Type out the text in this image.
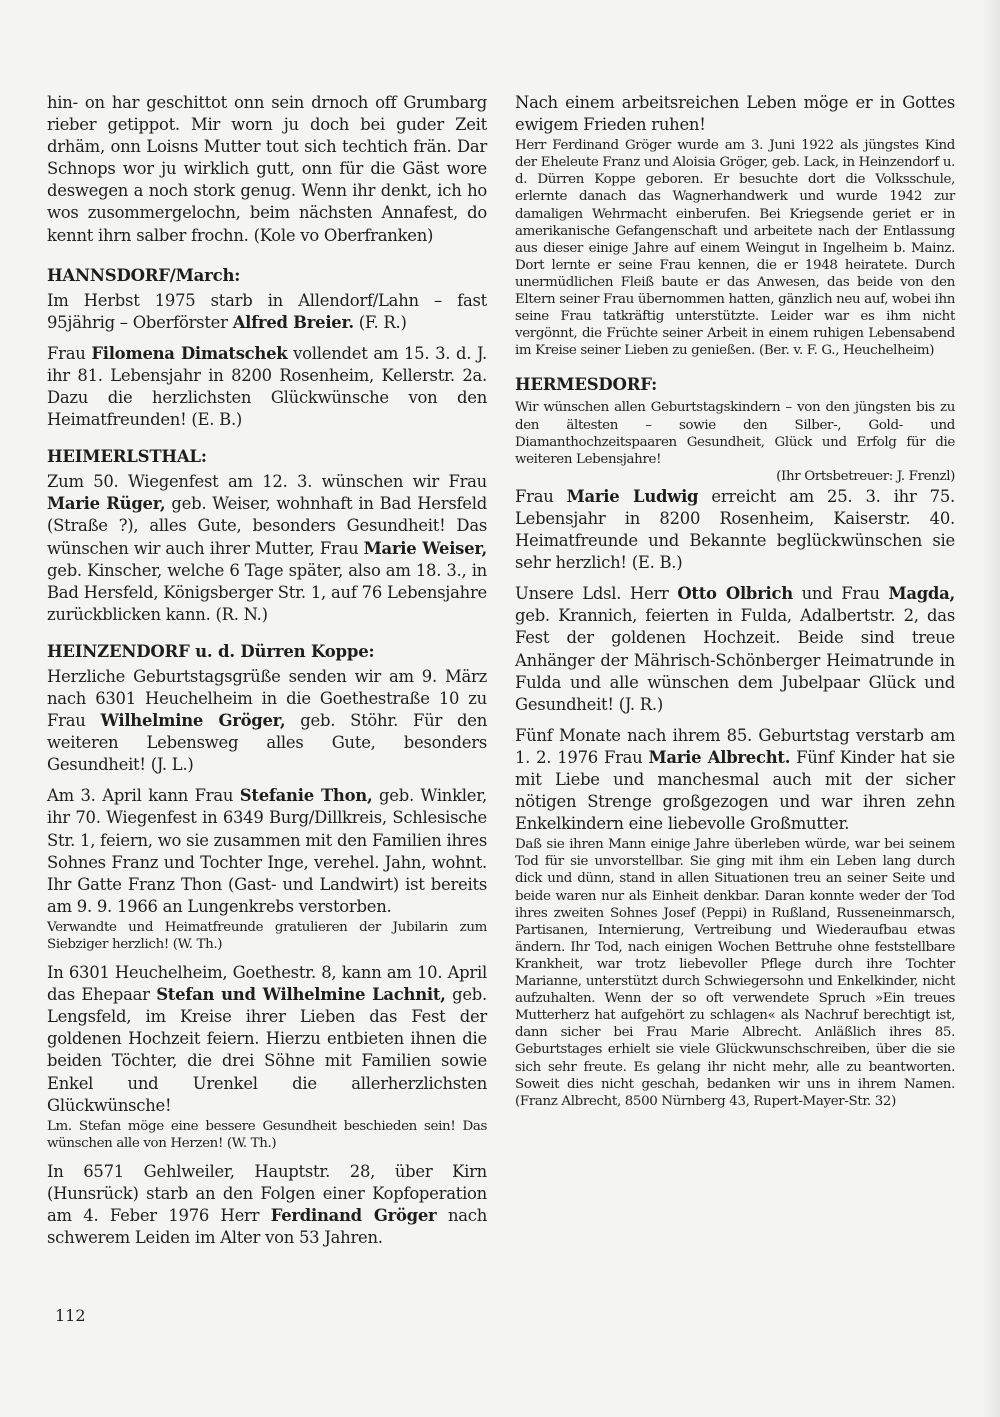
hin- on har geschittot onn sein drnoch off Grumbarg rieber getippot. Mir worn ju doch bei guder Zeit drhäm, onn Loisns Mutter tout sich techtich frän. Dar Schnops wor ju wirklich gutt, onn für die Gäst wore deswegen a noch stork genug. Wenn ihr denkt, ich ho wos zusommergelochn, beim nächsten Annafest, do kennt ihrn salber frochn. (Kole vo Oberfranken)

HANNSDORF/March:

Im Herbst 1975 starb in Allendorf/Lahn – fast 95jährig – Oberförster Alfred Breier. (F. R.)

Frau Filomena Dimatschek vollendet am 15. 3. d. J. ihr 81. Lebensjahr in 8200 Rosenheim, Kellerstr. 2a. Dazu die herzlichsten Glückwünsche von den Heimatfreunden! (E. B.)

HEIMERLSTHAL:

Zum 50. Wiegenfest am 12. 3. wünschen wir Frau Marie Rüger, geb. Weiser, wohnhaft in Bad Hersfeld (Straße ?), alles Gute, besonders Gesundheit! Das wünschen wir auch ihrer Mutter, Frau Marie Weiser, geb. Kinscher, welche 6 Tage später, also am 18. 3., in Bad Hersfeld, Königsberger Str. 1, auf 76 Lebensjahre zurückblicken kann. (R. N.)

HEINZENDORF u. d. Dürren Koppe:

Herzliche Geburtstagsgrüße senden wir am 9. März nach 6301 Heuchelheim in die Goethestraße 10 zu Frau Wilhelmine Gröger, geb. Stöhr. Für den weiteren Lebensweg alles Gute, besonders Gesundheit! (J. L.)

Am 3. April kann Frau Stefanie Thon, geb. Winkler, ihr 70. Wiegenfest in 6349 Burg/Dillkreis, Schlesische Str. 1, feiern, wo sie zusammen mit den Familien ihres Sohnes Franz und Tochter Inge, verehel. Jahn, wohnt. Ihr Gatte Franz Thon (Gast- und Landwirt) ist bereits am 9. 9. 1966 an Lungenkrebs verstorben.

Verwandte und Heimatfreunde gratulieren der Jubilarin zum Siebziger herzlich! (W. Th.)

In 6301 Heuchelheim, Goethestr. 8, kann am 10. April das Ehepaar Stefan und Wilhelmine Lachnit, geb. Lengsfeld, im Kreise ihrer Lieben das Fest der goldenen Hochzeit feiern. Hierzu entbieten ihnen die beiden Töchter, die drei Söhne mit Familien sowie Enkel und Urenkel die allerherzlichsten Glückwünsche!

Lm. Stefan möge eine bessere Gesundheit beschieden sein! Das wünschen alle von Herzen! (W. Th.)

In 6571 Gehlweiler, Hauptstr. 28, über Kirn (Hunsrück) starb an den Folgen einer Kopfoperation am 4. Feber 1976 Herr Ferdinand Gröger nach schwerem Leiden im Alter von 53 Jahren.

Nach einem arbeitsreichen Leben möge er in Gottes ewigem Frieden ruhen!

Herr Ferdinand Gröger wurde am 3. Juni 1922 als jüngstes Kind der Eheleute Franz und Aloisia Gröger, geb. Lack, in Heinzendorf u. d. Dürren Koppe geboren. Er besuchte dort die Volksschule, erlernte danach das Wagnerhandwerk und wurde 1942 zur damaligen Wehrmacht einberufen. Bei Kriegsende geriet er in amerikanische Gefangenschaft und arbeitete nach der Entlassung aus dieser einige Jahre auf einem Weingut in Ingelheim b. Mainz. Dort lernte er seine Frau kennen, die er 1948 heiratete. Durch unermüdlichen Fleiß baute er das Anwesen, das beide von den Eltern seiner Frau übernommen hatten, gänzlich neu auf, wobei ihn seine Frau tatkräftig unterstützte. Leider war es ihm nicht vergönnt, die Früchte seiner Arbeit in einem ruhigen Lebensabend im Kreise seiner Lieben zu genießen. (Ber. v. F. G., Heuchelheim)

HERMESDORF:

Wir wünschen allen Geburtstagskindern – von den jüngsten bis zu den ältesten – sowie den Silber-, Gold- und Diamanthochzeitspaaren Gesundheit, Glück und Erfolg für die weiteren Lebensjahre!

(Ihr Ortsbetreuer: J. Frenzl)

Frau Marie Ludwig erreicht am 25. 3. ihr 75. Lebensjahr in 8200 Rosenheim, Kaiserstr. 40. Heimatfreunde und Bekannte beglückwünschen sie sehr herzlich! (E. B.)

Unsere Ldsl. Herr Otto Olbrich und Frau Magda, geb. Krannich, feierten in Fulda, Adalbertstr. 2, das Fest der goldenen Hochzeit. Beide sind treue Anhänger der Mährisch-Schönberger Heimatrunde in Fulda und alle wünschen dem Jubelpaar Glück und Gesundheit! (J. R.)

Fünf Monate nach ihrem 85. Geburtstag verstarb am 1. 2. 1976 Frau Marie Albrecht. Fünf Kinder hat sie mit Liebe und manchesmal auch mit der sicher nötigen Strenge großgezogen und war ihren zehn Enkelkindern eine liebevolle Großmutter.

Daß sie ihren Mann einige Jahre überleben würde, war bei seinem Tod für sie unvorstellbar. Sie ging mit ihm ein Leben lang durch dick und dünn, stand in allen Situationen treu an seiner Seite und beide waren nur als Einheit denkbar. Daran konnte weder der Tod ihres zweiten Sohnes Josef (Peppi) in Rußland, Russeneinmarsch, Partisanen, Internierung, Vertreibung und Wiederaufbau etwas ändern. Ihr Tod, nach einigen Wochen Bettruhe ohne feststellbare Krankheit, war trotz liebevoller Pflege durch ihre Tochter Marianne, unterstützt durch Schwiegersohn und Enkelkinder, nicht aufzuhalten. Wenn der so oft verwendete Spruch »Ein treues Mutterherz hat aufgehört zu schlagen« als Nachruf berechtigt ist, dann sicher bei Frau Marie Albrecht. Anläßlich ihres 85. Geburtstages erhielt sie viele Glückwunschschreiben, über die sie sich sehr freute. Es gelang ihr nicht mehr, alle zu beantworten. Soweit dies nicht geschah, bedanken wir uns in ihrem Namen. (Franz Albrecht, 8500 Nürnberg 43, Rupert-Mayer-Str. 32)

112
